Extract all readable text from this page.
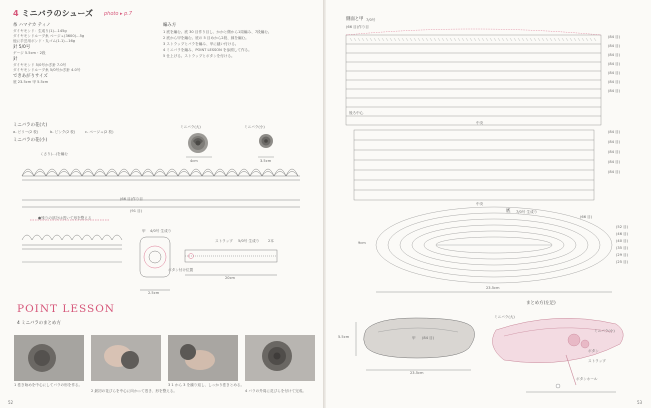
4 ミニバラのシューズ photo ▸ p.7
糸 ハマナカ ティノ
ダイヤモンド：生成り(1)…145g
ダイヤモンドループ糸 ベージュ(3600)…5g
他に手芸用ボンド・丸ゴム(1.1)…16g
針 5/0号
ゲージ 5.5cm・2段
針
ダイヤモンド 5/0号かぎ針 7.0号
ダイヤモンドループ糸 5/0号かぎ針 4.0号
できあがりサイズ
底 23.5cm 甲 5.5cm
編み方
1 底を編む。底 30 目作り目し、かかと側から1周編み、7段編む。
2 底から甲を編む。底の 5 目めから2段、縁を編む。
3 ストラップとバラを編み、甲に縫い付ける。
4 ミニバラを編み、POINT LESSON を参照して作る。
5 仕上げる。ストラップとボタンを付ける。
ミニバラの花(大)
a- ビリー(2 枚)	b- ピンク(2 枚)	c- ベージュ(2 枚)
ミニバラの花(小)
くさり(…)を編む
ミニバラ(大)	ミニバラ(小)
(66 目)作り目
(91 目)
●残りの部分は巻いて形を整える
甲 4/0号 生成り
2.5cm
ストラップ 5/0号 生成り 2本
20cm
ボタン付け位置
4cm	3.5cm
POINT LESSON
4 ミニバラのまとめ方
1 巻き始めを中心にしてバラの形を作る。
2 最初の花びらを中心に向かって巻き、形を整える。
3 1 から 3 を繰り返し、しっかり巻きとめる。
4 バラの外周に花びらを付けて完成。
52
側面と甲 7/0号
(66 目)作り目
(84 目)
(84 目)
(84 目)
(84 目)
(84 目)
(84 目)
(84 目)
(84 目)
(84 目)
(84 目)
(84 目)
(84 目)
後ろ中心
中央
中央
底 7/0号 生成り
23.5cm
9cm
(66 目)
(52 目)
(46 目)
(40 目)
(35 目)
(29 目)
(25 目)
まとめ方(左足)
ミニバラ(大)
ミニバラ(小)
ボタン
ストラップ
ボタンホール
5.5cm
23.5cm
甲 (84 目)
53
